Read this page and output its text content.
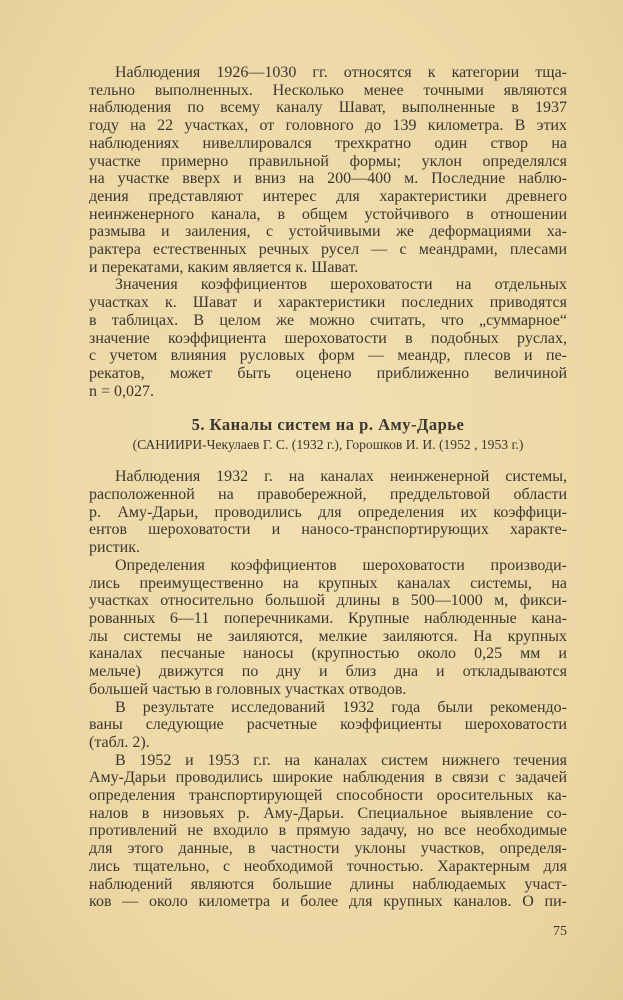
Наблюдения 1926—1030 гг. относятся к категории тща-
тельно выполненных. Несколько менее точными являются
наблюдения по всему каналу Шават, выполненные в 1937
году на 22 участках, от головного до 139 километра. В этих
наблюдениях нивеллировался трехкратно один створ на
участке примерно правильной формы; уклон определялся
на участке вверх и вниз на 200—400 м. Последние наблю-
дения представляют интерес для характеристики древнего
неинженерного канала, в общем устойчивого в отношении
размыва и заиления, с устойчивыми же деформациями ха-
рактера естественных речных русел — с меандрами, плесами
и перекатами, каким является к. Шават.
Значения коэффициентов шероховатости на отдельных
участках к. Шават и характеристики последних приводятся
в таблицах. В целом же можно считать, что „суммарное“
значение коэффициента шероховатости в подобных руслах,
с учетом влияния русловых форм — меандр, плесов и пе-
рекатов, может быть оценено приближенно величиной
n = 0,027.
5. Каналы систем на р. Аму-Дарье
(САНИИРИ-Чекулаев Г. С. (1932 г.), Горошков И. И. (1952 , 1953 г.)
Наблюдения 1932 г. на каналах неинженерной системы,
расположенной на правобережной, преддельтовой области
р. Аму-Дарьи, проводились для определения их коэффици-
ентов шероховатости и наносо-транспортирующих характе-
ристик.
Определения коэффициентов шероховатости производи-
лись преимущественно на крупных каналах системы, на
участках относительно большой длины в 500—1000 м, фикси-
рованных 6—11 поперечниками. Крупные наблюденные кана-
лы системы не заиляются, мелкие заиляются. На крупных
каналах песчаные наносы (крупностью около 0,25 мм и
мельче) движутся по дну и близ дна и откладываются
большей частью в головных участках отводов.
В результате исследований 1932 года были рекомендо-
ваны следующие расчетные коэффициенты шероховатости
(табл. 2).
В 1952 и 1953 г.г. на каналах систем нижнего течения
Аму-Дарьи проводились широкие наблюдения в связи с задачей
определения транспортирующей способности оросительных ка-
налов в низовьях р. Аму-Дарьи. Специальное выявление со-
противлений не входило в прямую задачу, но все необходимые
для этого данные, в частности уклоны участков, определя-
лись тщательно, с необходимой точностью. Характерным для
наблюдений являются большие длины наблюдаемых участ-
ков — около километра и более для крупных каналов. О пи-
75
